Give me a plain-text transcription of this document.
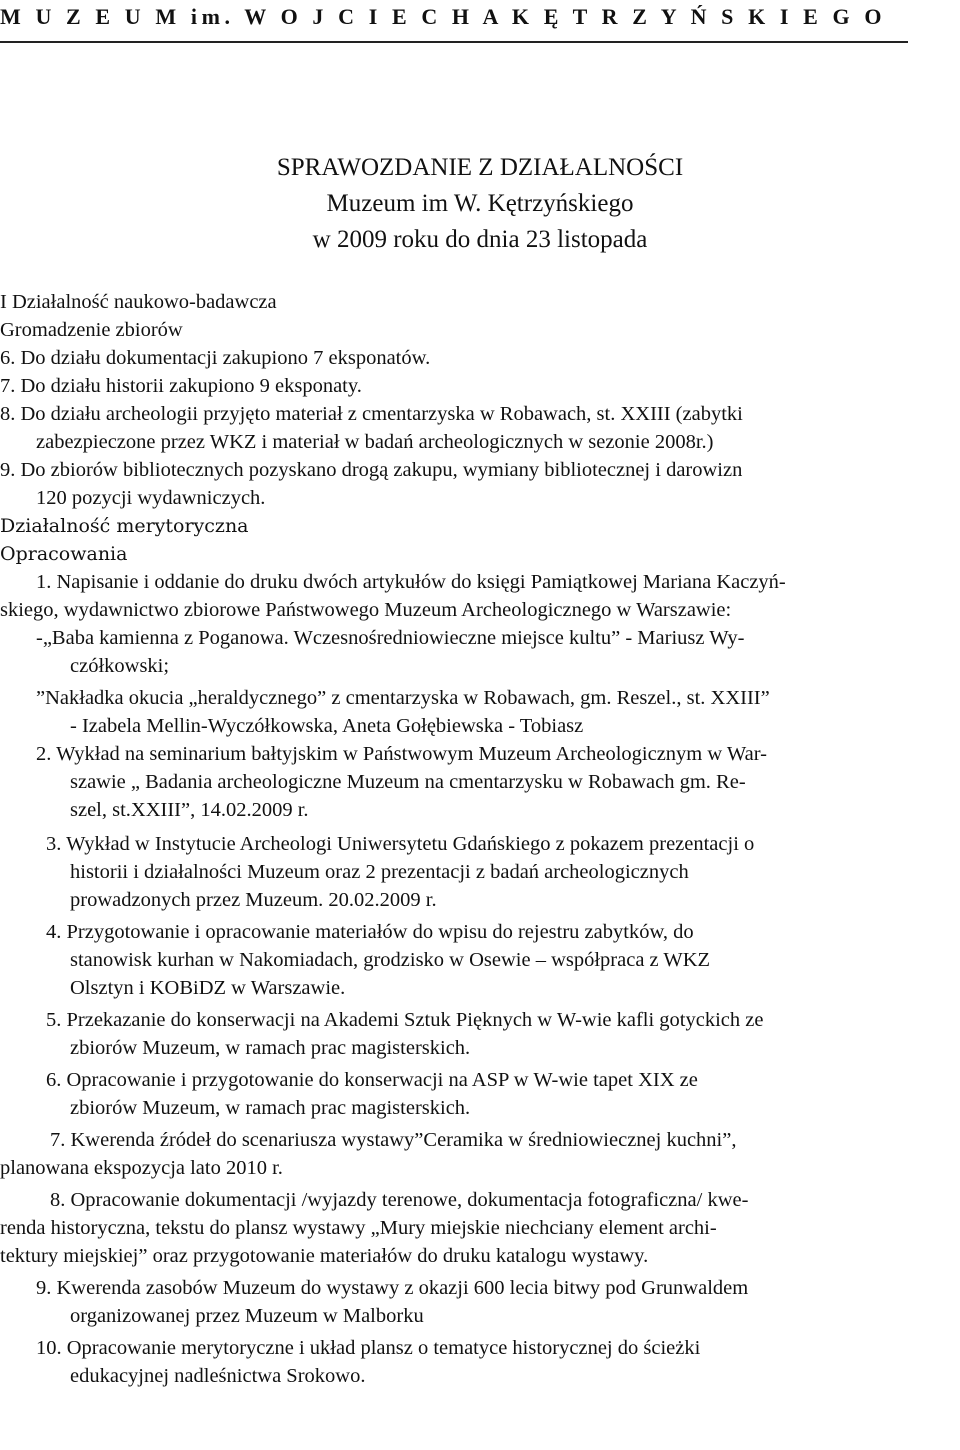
M U Z E U M im. W O J C I E C H A K Ę T R Z Y Ń S K I E G O
SPRAWOZDANIE Z DZIAŁALNOŚCI
Muzeum im W. Kętrzyńskiego
w 2009 roku do dnia 23 listopada
I Działalność naukowo-badawcza
Gromadzenie zbiorów
6. Do działu dokumentacji zakupiono 7 eksponatów.
7. Do działu historii zakupiono 9 eksponaty.
8. Do działu archeologii przyjęto materiał z cmentarzyska w Robawach, st. XXIII (zabytki
zabezpieczone przez WKZ i materiał w badań archeologicznych w sezonie 2008r.)
9. Do zbiorów bibliotecznych pozyskano drogą zakupu, wymiany bibliotecznej i darowizn
120 pozycji wydawniczych.
Działalność merytoryczna
Opracowania
1. Napisanie i oddanie do druku dwóch artykułów do księgi Pamiątkowej Mariana Kaczyń-
skiego, wydawnictwo zbiorowe Państwowego Muzeum Archeologicznego w Warszawie:
-„Baba kamienna z Poganowa. Wczesnośredniowieczne miejsce kultu” - Mariusz Wy-
czółkowski;
”Nakładka okucia „heraldycznego” z cmentarzyska w Robawach, gm. Reszel., st. XXIII”
- Izabela Mellin-Wyczółkowska, Aneta Gołębiewska - Tobiasz
2. Wykład na seminarium bałtyjskim w Państwowym Muzeum Archeologicznym w War-
szawie „ Badania archeologiczne Muzeum na cmentarzysku w Robawach gm. Re-
szel, st.XXIII”, 14.02.2009 r.
3. Wykład w Instytucie Archeologi Uniwersytetu Gdańskiego z pokazem prezentacji o
historii i działalności Muzeum oraz 2 prezentacji z badań archeologicznych
prowadzonych przez Muzeum. 20.02.2009 r.
4. Przygotowanie i opracowanie materiałów do wpisu do rejestru zabytków, do
stanowisk kurhan w Nakomiadach, grodzisko w Osewie – współpraca z WKZ
Olsztyn i KOBiDZ w Warszawie.
5. Przekazanie do konserwacji na Akademi Sztuk Pięknych w W-wie kafli gotyckich ze
zbiorów Muzeum, w ramach prac magisterskich.
6. Opracowanie i przygotowanie do konserwacji na ASP w W-wie tapet XIX ze
zbiorów Muzeum, w ramach prac magisterskich.
7. Kwerenda źródeł do scenariusza wystawy”Ceramika w średniowiecznej kuchni”,
planowana ekspozycja lato 2010 r.
8. Opracowanie dokumentacji /wyjazdy terenowe, dokumentacja fotograficzna/ kwe-
renda historyczna, tekstu do plansz wystawy „Mury miejskie niechciany element archi-
tektury miejskiej” oraz przygotowanie materiałów do druku katalogu wystawy.
9. Kwerenda zasobów Muzeum do wystawy z okazji 600 lecia bitwy pod Grunwaldem
organizowanej przez Muzeum w Malborku
10. Opracowanie merytoryczne i układ plansz o tematyce historycznej do ścieżki
edukacyjnej nadleśnictwa Srokowo.
